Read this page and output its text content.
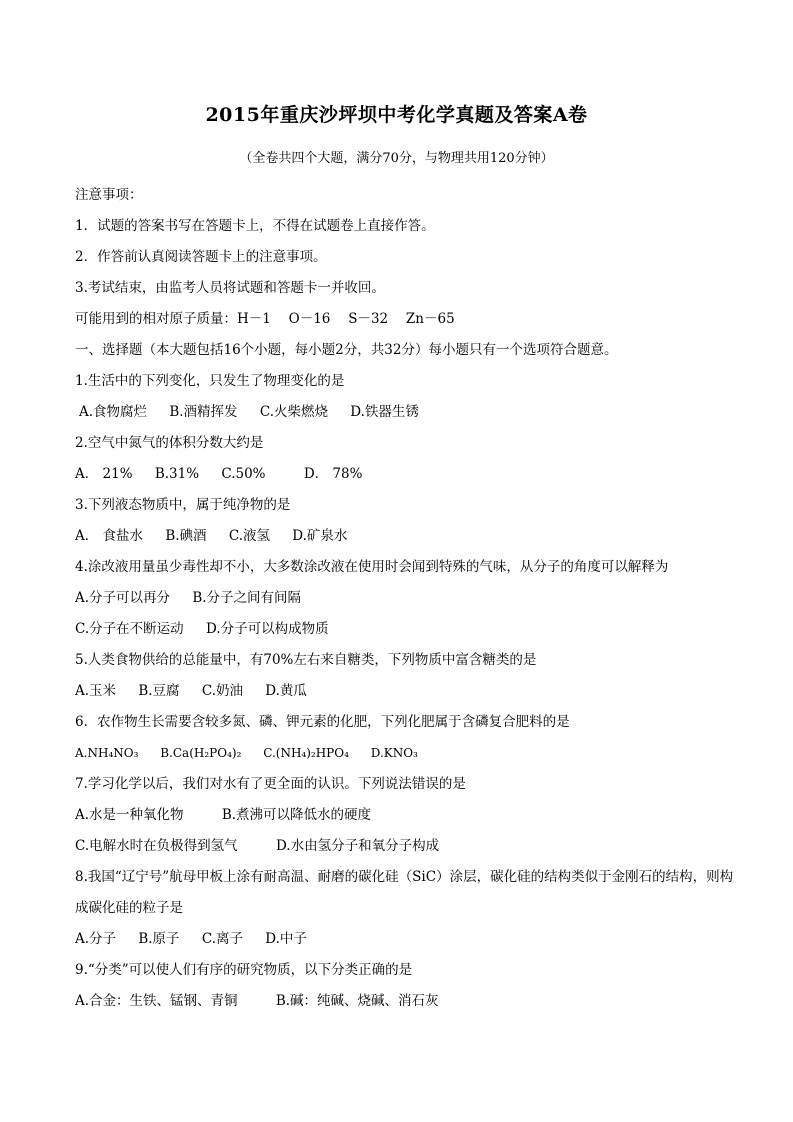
2015年重庆沙坪坝中考化学真题及答案A卷
（全卷共四个大题，满分70分，与物理共用120分钟）
注意事项：
1．试题的答案书写在答题卡上，不得在试题卷上直接作答。
2．作答前认真阅读答题卡上的注意事项。
3.考试结束，由监考人员将试题和答题卡一并收回。
可能用到的相对原子质量：H－1　 O－16　 S－32　 Zn－65
一、选择题（本大题包括16个小题，每小题2分，共32分）每小题只有一个选项符合题意。
1.生活中的下列变化，只发生了物理变化的是
A.食物腐烂 B.酒精挥发 C.火柴燃烧 D.铁器生锈
2.空气中氮气的体积分数大约是
A． 21% B.31% C.50%	D． 78%
3.下列液态物质中，属于纯净物的是
A． 食盐水 B.碘酒 C.液氢 D.矿泉水
4.涂改液用量虽少毒性却不小，大多数涂改液在使用时会闻到特殊的气味，从分子的角度可以解释为
A.分子可以再分 B.分子之间有间隔
C.分子在不断运动 D.分子可以构成物质
5.人类食物供给的总能量中，有70%左右来自糖类，下列物质中富含糖类的是
A.玉米 B.豆腐 C.奶油 D.黄瓜
6．农作物生长需要含较多氮、磷、钾元素的化肥，下列化肥属于含磷复合肥料的是
A.NH₄NO₃ B.Ca(H₂PO₄)₂ C.(NH₄)₂HPO₄ D.KNO₃
7.学习化学以后，我们对水有了更全面的认识。下列说法错误的是
A.水是一种氧化物	B.煮沸可以降低水的硬度
C.电解水时在负极得到氢气	D.水由氢分子和氧分子构成
8.我国“辽宁号”航母甲板上涂有耐高温、耐磨的碳化硅（SiC）涂层，碳化硅的结构类似于金刚石的结构，则构成碳化硅的粒子是
A.分子 B.原子 C.离子 D.中子
9.“分类”可以使人们有序的研究物质，以下分类正确的是
A.合金：生铁、锰钢、青铜	B.碱：纯碱、烧碱、消石灰
